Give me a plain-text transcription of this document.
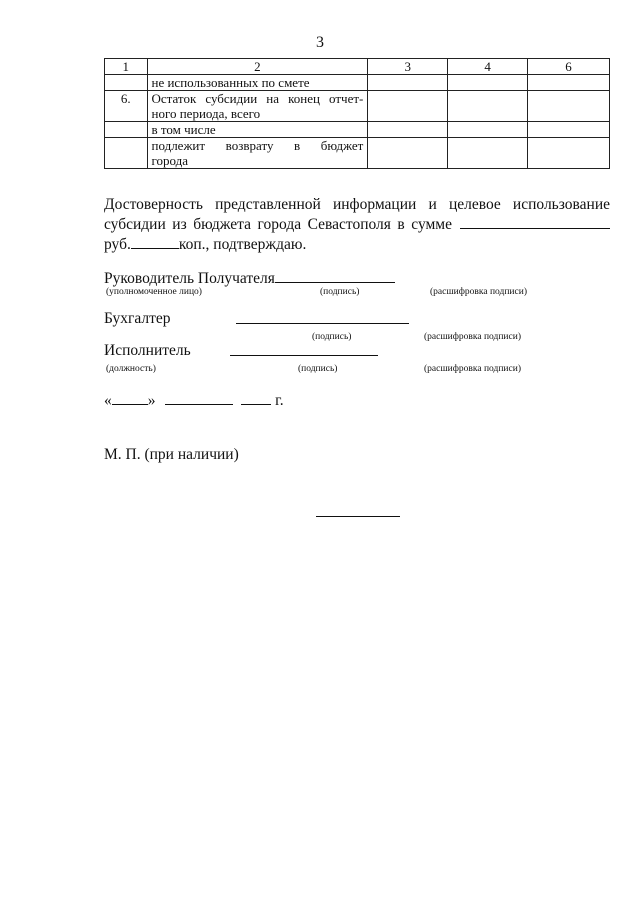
3
1	2	3	4	6
	не использованных по смете			
6.	Остаток субсидии на конец отчет-
ного периода, всего			

	в том числе			

	подлежит возврату в бюджет
города			

Достоверность представленной информации и целевое использование
субсидии из бюджета города Севастополя в сумме
руб.	коп., подтверждаю.
Руководитель Получателя
(уполномоченное лицо)	(подпись)	(расшифровка подписи)
Бухгалтер
(подпись)	(расшифровка подписи)
Исполнитель
(должность)	(подпись)	(расшифровка подписи)
« »	г.
М. П. (при наличии)
